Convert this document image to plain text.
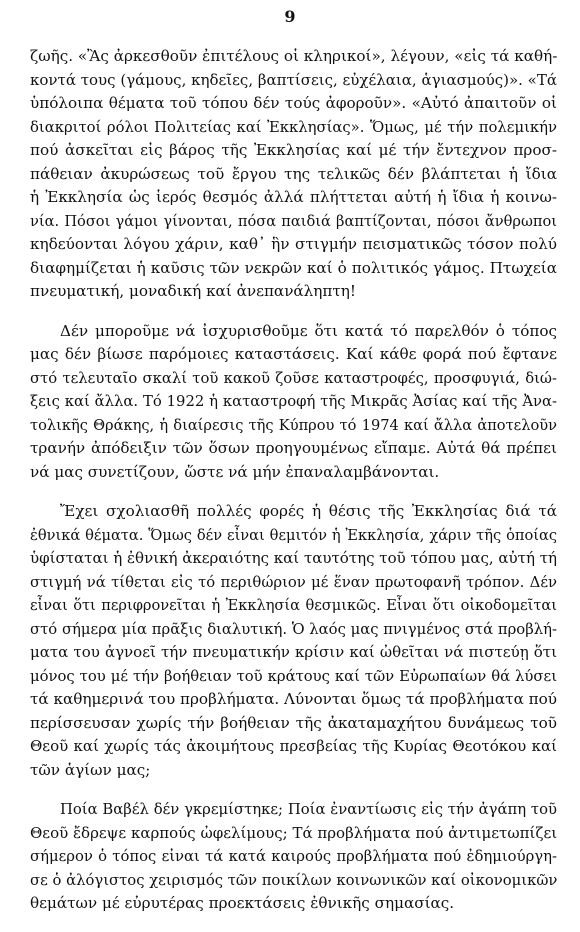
9

ζωῆς. «Ἂς ἀρκεσθοῦν ἐπιτέλους οἱ κληρικοί», λέγουν, «εἰς τά καθή-
κοντά τους (γάμους, κηδεῖες, βαπτίσεις, εὐχέλαια, ἁγιασμούς)». «Τά
ὑπόλοιπα θέματα τοῦ τόπου δέν τούς ἀφοροῦν». «Αὐτό ἀπαιτοῦν οἱ
διακριτοί ρόλοι Πολιτείας καί Ἐκκλησίας». Ὅμως, μέ τήν πολεμικήν
πού ἀσκεῖται εἰς βάρος τῆς Ἐκκλησίας καί μέ τήν ἔντεχνον προσ-
πάθειαν ἀκυρώσεως τοῦ ἔργου της τελικῶς δέν βλάπτεται ἡ ἴδια
ἡ Ἐκκλησία ὡς ἱερός θεσμός ἀλλά πλήττεται αὐτή ἡ ἴδια ἡ κοινω-
νία. Πόσοι γάμοι γίνονται, πόσα παιδιά βαπτίζονται, πόσοι ἄνθρωποι
κηδεύονται λόγου χάριν, καθ᾽ ἣν στιγμήν πεισματικῶς τόσον πολύ
διαφημίζεται ἡ καῦσις τῶν νεκρῶν καί ὁ πολιτικός γάμος. Πτωχεία
πνευματική, μοναδική καί ἀνεπανάληπτη!

Δέν μποροῦμε νά ἰσχυρισθοῦμε ὅτι κατά τό παρελθόν ὁ τόπος
μας δέν βίωσε παρόμοιες καταστάσεις. Καί κάθε φορά πού ἔφτανε
στό τελευταῖο σκαλί τοῦ κακοῦ ζοῦσε καταστροφές, προσφυγιά, διώ-
ξεις καί ἄλλα. Τό 1922 ἡ καταστροφή τῆς Μικρᾶς Ἀσίας καί τῆς Ἀνα-
τολικῆς Θράκης, ἡ διαίρεσις τῆς Κύπρου τό 1974 καί ἄλλα ἀποτελοῦν
τρανήν ἀπόδειξιν τῶν ὅσων προηγουμένως εἴπαμε. Αὐτά θά πρέπει
νά μας συνετίζουν, ὥστε νά μήν ἐπαναλαμβάνονται.

Ἔχει σχολιασθῆ πολλές φορές ἡ θέσις τῆς Ἐκκλησίας διά τά
ἐθνικά θέματα. Ὅμως δέν εἶναι θεμιτόν ἡ Ἐκκλησία, χάριν τῆς ὁποίας
ὑφίσταται ἡ ἐθνική ἀκεραιότης καί ταυτότης τοῦ τόπου μας, αὐτή τή
στιγμή νά τίθεται εἰς τό περιθώριον μέ ἕναν πρωτοφανῆ τρόπον. Δέν
εἶναι ὅτι περιφρονεῖται ἡ Ἐκκλησία θεσμικῶς. Εἶναι ὅτι οἰκοδομεῖται
στό σήμερα μία πρᾶξις διαλυτική. Ὁ λαός μας πνιγμένος στά προβλή-
ματα του ἀγνοεῖ τήν πνευματικήν κρίσιν καί ὠθεῖται νά πιστεύῃ ὅτι
μόνος του μέ τήν βοήθειαν τοῦ κράτους καί τῶν Εὐρωπαίων θά λύσει
τά καθημερινά του προβλήματα. Λύνονται ὅμως τά προβλήματα πού
περίσσευσαν χωρίς τήν βοήθειαν τῆς ἀκαταμαχήτου δυνάμεως τοῦ
Θεοῦ καί χωρίς τάς ἀκοιμήτους πρεσβείας τῆς Κυρίας Θεοτόκου καί
τῶν ἁγίων μας;

Ποία Βαβέλ δέν γκρεμίστηκε; Ποία ἐναντίωσις εἰς τήν ἀγάπη τοῦ
Θεοῦ ἔδρεψε καρπούς ὠφελίμους; Τά προβλήματα πού ἀντιμετωπίζει
σήμερον ὁ τόπος εἰναι τά κατά καιρούς προβλήματα πού ἐδημιούργη-
σε ὁ ἀλόγιστος χειρισμός τῶν ποικίλων κοινωνικῶν καί οἰκονομικῶν
θεμάτων μέ εὐρυτέρας προεκτάσεις ἐθνικῆς σημασίας.
